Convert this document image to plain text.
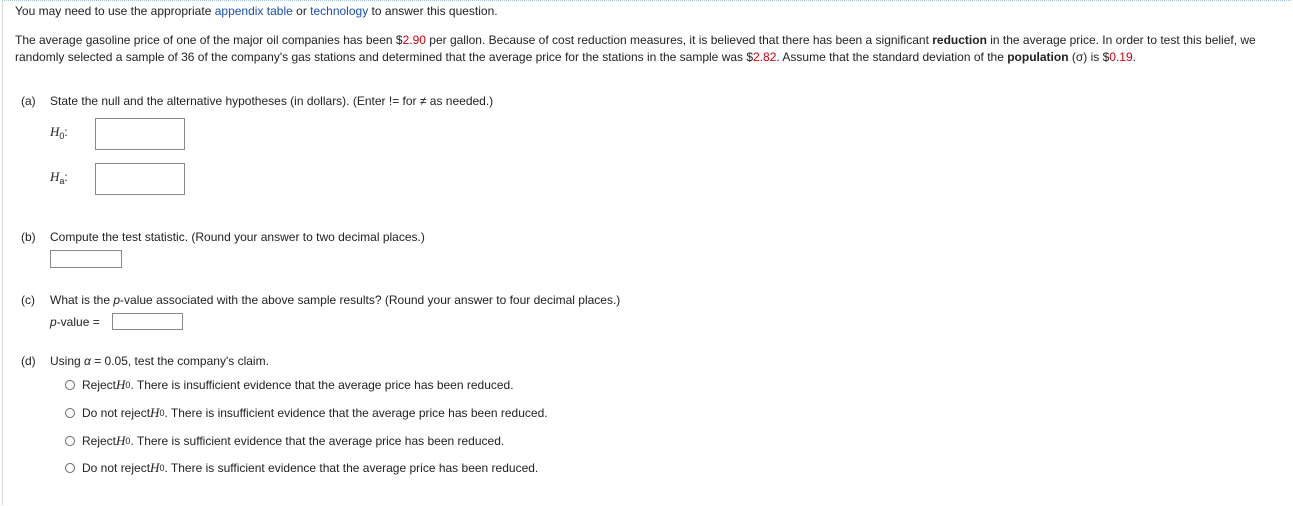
You may need to use the appropriate appendix table or technology to answer this question.
The average gasoline price of one of the major oil companies has been $2.90 per gallon. Because of cost reduction measures, it is believed that there has been a significant reduction in the average price. In order to test this belief, we randomly selected a sample of 36 of the company's gas stations and determined that the average price for the stations in the sample was $2.82. Assume that the standard deviation of the population (σ) is $0.19.
(a) State the null and the alternative hypotheses (in dollars). (Enter != for ≠ as needed.)
$H_0$:
$H_a$:
(b) Compute the test statistic. (Round your answer to two decimal places.)
(c) What is the p-value associated with the above sample results? (Round your answer to four decimal places.)
p-value =
(d) Using α = 0.05, test the company's claim.
Reject H 0 . There is insufficient evidence that the average price has been reduced.
Do not reject H 0 . There is insufficient evidence that the average price has been reduced.
Reject H 0 . There is sufficient evidence that the average price has been reduced.
Do not reject H 0 . There is sufficient evidence that the average price has been reduced.
